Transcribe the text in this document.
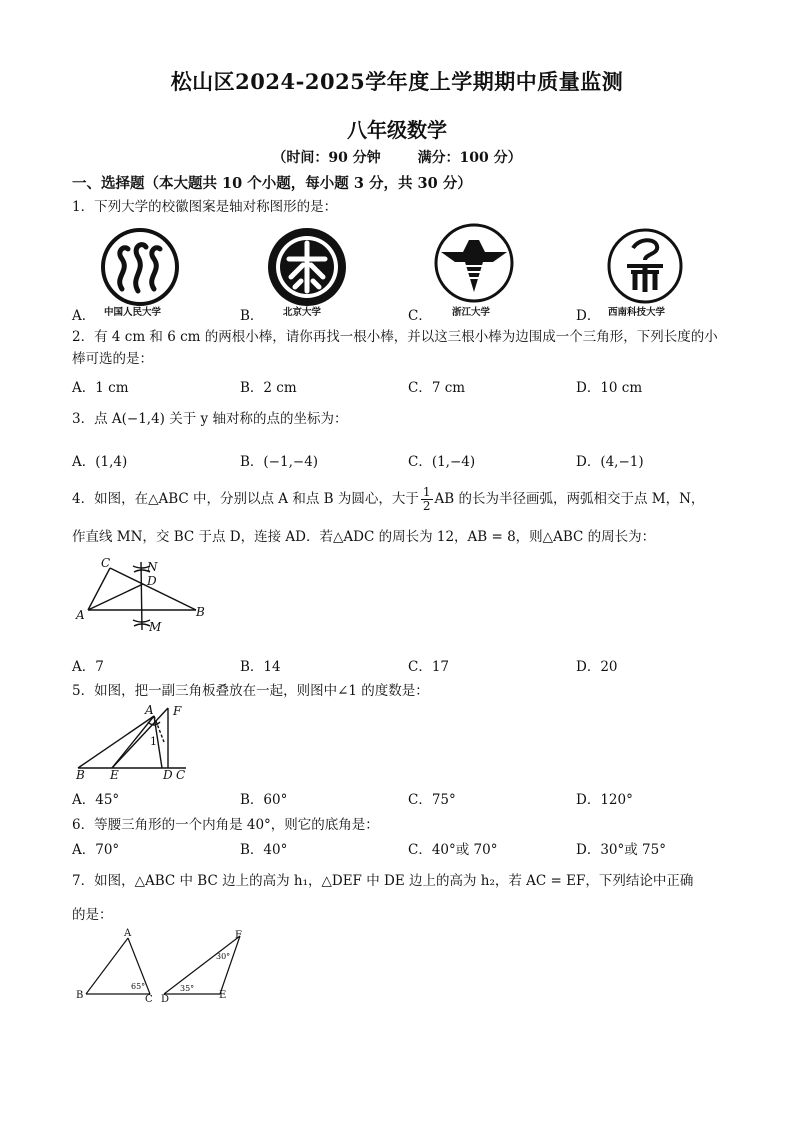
松山区2024-2025学年度上学期期中质量监测
八年级数学
（时间：90 分钟	满分：100 分）
一、选择题（本大题共 10 个小题，每小题 3 分，共 30 分）
1．下列大学的校徽图案是轴对称图形的是：
A． 中国人民大学	B． 北京大学	C． 浙江大学	D． 西南科技大学
2．有 4 cm 和 6 cm 的两根小棒，请你再找一根小棒，并以这三根小棒为边围成一个三角形，下列长度的小
棒可选的是：
A．1 cm	B．2 cm	C．7 cm	D．10 cm
3．点 A(−1,4) 关于 y 轴对称的点的坐标为：
A．(1,4)	B．(−1,−4)	C．(1,−4)	D．(4,−1)
4．如图，在△ABC 中，分别以点 A 和点 B 为圆心，大于 $\frac{1}{2}$ AB 的长为半径画弧，两弧相交于点 M，N，
作直线 MN，交 BC 于点 D，连接 AD．若△ADC 的周长为 12，AB = 8，则△ABC 的周长为：
C	N
D
A	B
M
A．7	B．14	C．17	D．20
5．如图，把一副三角板叠放在一起，则图中∠1 的度数是：
A F
1
B E	D C
A．45°	B．60°	C．75°	D．120°
6．等腰三角形的一个内角是 40°，则它的底角是：
A．70°	B．40°	C．40°或 70°	D．30°或 75°
7．如图，△ABC 中 BC 边上的高为 h₁，△DEF 中 DE 边上的高为 h₂，若 AC = EF，下列结论中正确
的是：
A
B	C
65°
F
D	E
30°
35°
